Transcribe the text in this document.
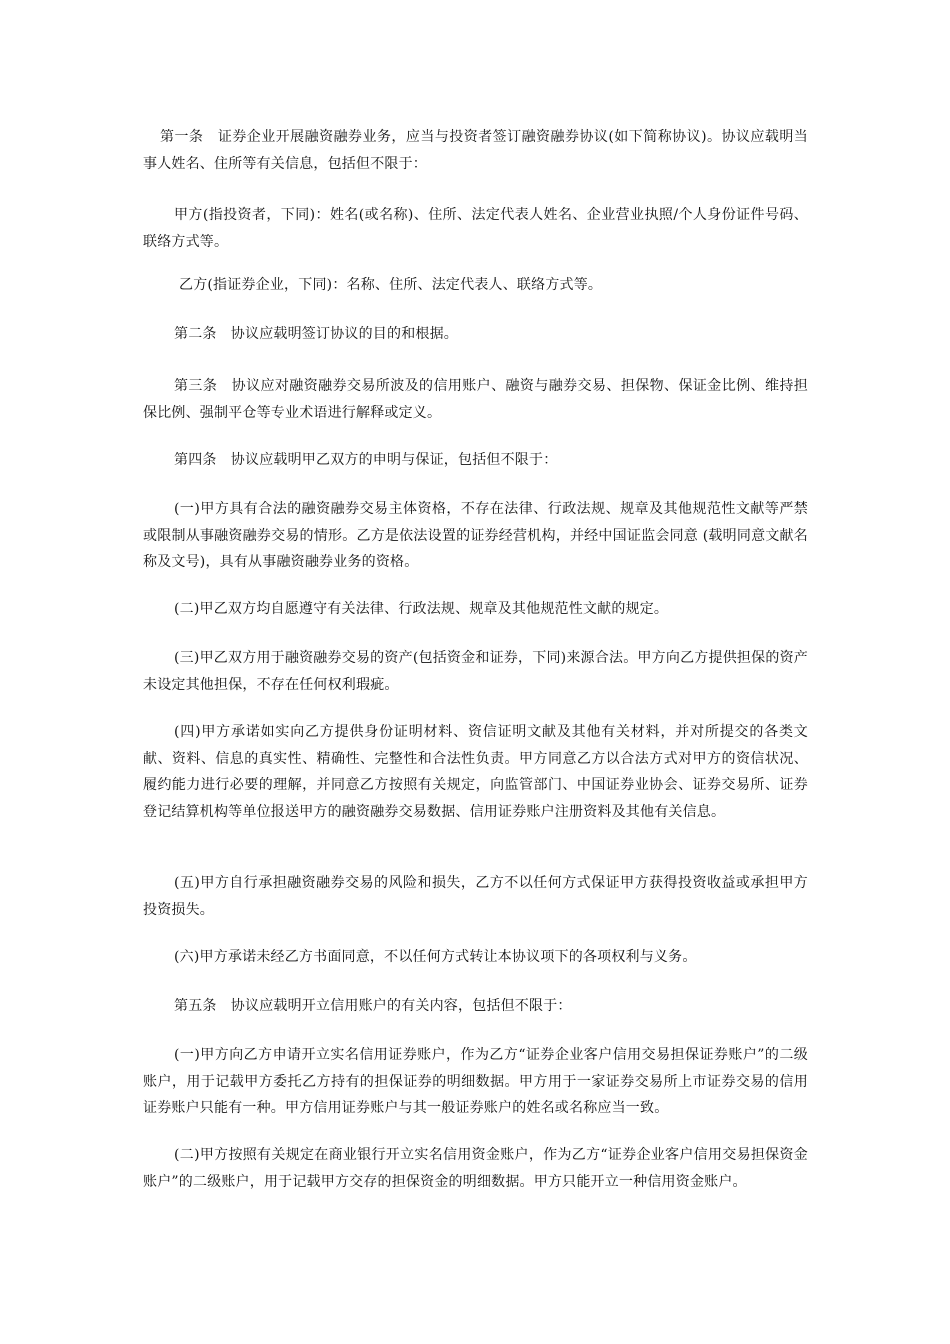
第一条　证券企业开展融资融券业务，应当与投资者签订融资融券协议(如下简称协议)。协议应载明当事人姓名、住所等有关信息，包括但不限于：

甲方(指投资者，下同)：姓名(或名称)、住所、法定代表人姓名、企业营业执照/个人身份证件号码、联络方式等。

乙方(指证券企业，下同)：名称、住所、法定代表人、联络方式等。

第二条　协议应载明签订协议的目的和根据。

第三条　协议应对融资融券交易所波及的信用账户、融资与融券交易、担保物、保证金比例、维持担保比例、强制平仓等专业术语进行解释或定义。

第四条　协议应载明甲乙双方的申明与保证，包括但不限于：

(一)甲方具有合法的融资融券交易主体资格，不存在法律、行政法规、规章及其他规范性文献等严禁或限制从事融资融券交易的情形。乙方是依法设置的证券经营机构，并经中国证监会同意 (载明同意文献名称及文号)，具有从事融资融券业务的资格。

(二)甲乙双方均自愿遵守有关法律、行政法规、规章及其他规范性文献的规定。

(三)甲乙双方用于融资融券交易的资产(包括资金和证券，下同)来源合法。甲方向乙方提供担保的资产未设定其他担保，不存在任何权利瑕疵。

(四)甲方承诺如实向乙方提供身份证明材料、资信证明文献及其他有关材料，并对所提交的各类文献、资料、信息的真实性、精确性、完整性和合法性负责。甲方同意乙方以合法方式对甲方的资信状况、履约能力进行必要的理解，并同意乙方按照有关规定，向监管部门、中国证券业协会、证券交易所、证券登记结算机构等单位报送甲方的融资融券交易数据、信用证券账户注册资料及其他有关信息。

(五)甲方自行承担融资融券交易的风险和损失，乙方不以任何方式保证甲方获得投资收益或承担甲方投资损失。

(六)甲方承诺未经乙方书面同意，不以任何方式转让本协议项下的各项权利与义务。

第五条　协议应载明开立信用账户的有关内容，包括但不限于：

(一)甲方向乙方申请开立实名信用证券账户，作为乙方“证券企业客户信用交易担保证券账户”的二级账户，用于记载甲方委托乙方持有的担保证券的明细数据。甲方用于一家证券交易所上市证券交易的信用证券账户只能有一种。甲方信用证券账户与其一般证券账户的姓名或名称应当一致。

(二)甲方按照有关规定在商业银行开立实名信用资金账户，作为乙方“证券企业客户信用交易担保资金账户”的二级账户，用于记载甲方交存的担保资金的明细数据。甲方只能开立一种信用资金账户。
